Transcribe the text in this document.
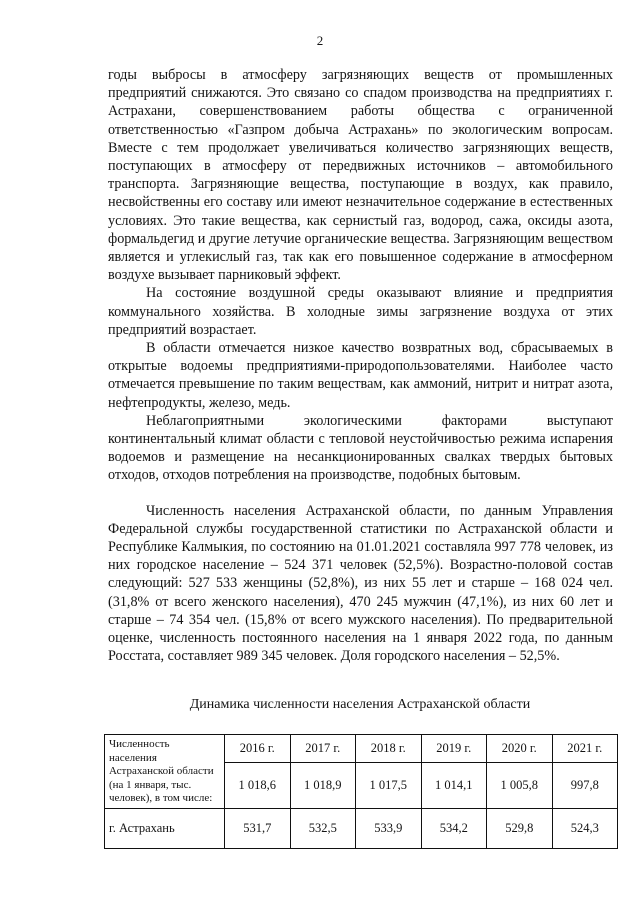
2

годы выбросы в атмосферу загрязняющих веществ от промышленных предприятий снижаются. Это связано со спадом производства на предприятиях г. Астрахани, совершенствованием работы общества с ограниченной ответственностью «Газпром добыча Астрахань» по экологическим вопросам. Вместе с тем продолжает увеличиваться количество загрязняющих веществ, поступающих в атмосферу от передвижных источников – автомобильного транспорта. Загрязняющие вещества, поступающие в воздух, как правило, несвойственны его составу или имеют незначительное содержание в естественных условиях. Это такие вещества, как сернистый газ, водород, сажа, оксиды азота, формальдегид и другие летучие органические вещества. Загрязняющим веществом является и углекислый газ, так как его повышенное содержание в атмосферном воздухе вызывает парниковый эффект.

На состояние воздушной среды оказывают влияние и предприятия коммунального хозяйства. В холодные зимы загрязнение воздуха от этих предприятий возрастает.

В области отмечается низкое качество возвратных вод, сбрасываемых в открытые водоемы предприятиями-природопользователями. Наиболее часто отмечается превышение по таким веществам, как аммоний, нитрит и нитрат азота, нефтепродукты, железо, медь.

Неблагоприятными экологическими факторами выступают континентальный климат области с тепловой неустойчивостью режима испарения водоемов и размещение на несанкционированных свалках твердых бытовых отходов, отходов потребления на производстве, подобных бытовым.

Численность населения Астраханской области, по данным Управления Федеральной службы государственной статистики по Астраханской области и Республике Калмыкия, по состоянию на 01.01.2021 составляла 997 778 человек, из них городское население – 524 371 человек (52,5%). Возрастно-половой состав следующий: 527 533 женщины (52,8%), из них 55 лет и старше – 168 024 чел. (31,8% от всего женского населения), 470 245 мужчин (47,1%), из них 60 лет и старше – 74 354 чел. (15,8% от всего мужского населения). По предварительной оценке, численность постоянного населения на 1 января 2022 года, по данным Росстата, составляет 989 345 человек. Доля городского населения – 52,5%.

Динамика численности населения Астраханской области
Численность населения Астраханской области (на 1 января, тыс. человек), в том числе:	2016 г.	2017 г.	2018 г.	2019 г.	2020 г.	2021 г.
	1 018,6	1 018,9	1 017,5	1 014,1	1 005,8	997,8
г. Астрахань	531,7	532,5	533,9	534,2	529,8	524,3
